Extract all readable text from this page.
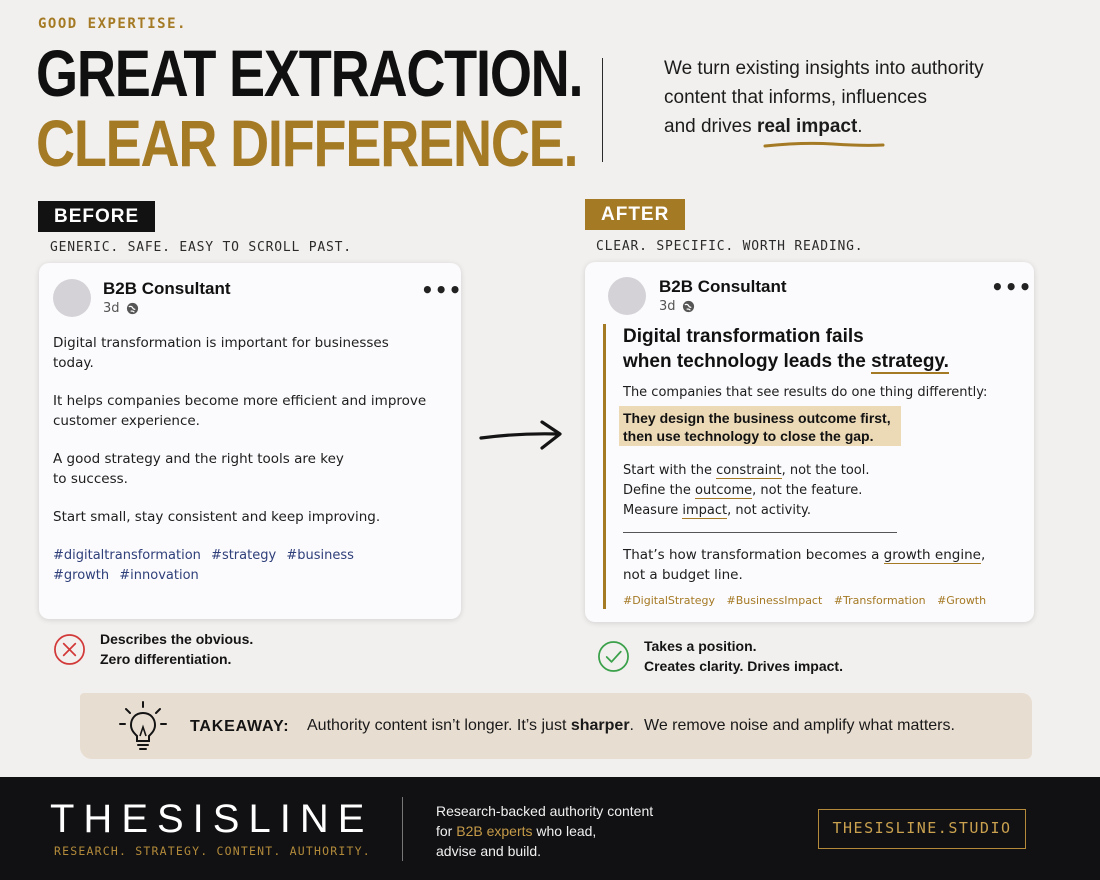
GOOD EXPERTISE.
GREAT EXTRACTION.
CLEAR DIFFERENCE.
We turn existing insights into authority
content that informs, influences
and drives real impact.
BEFORE
GENERIC. SAFE. EASY TO SCROLL PAST.
B2B Consultant
3d
•••

Digital transformation is important for businesses today.

It helps companies become more efficient and improve customer experience.

A good strategy and the right tools are key to success.

Start small, stay consistent and keep improving.

#digitaltransformation #strategy #business
#growth #innovation
Describes the obvious.
Zero differentiation.
AFTER
CLEAR. SPECIFIC. WORTH READING.
B2B Consultant
3d
•••
Digital transformation fails
when technology leads the strategy.
The companies that see results do one thing differently:
They design the business outcome first,
then use technology to close the gap.
Start with the constraint, not the tool.
Define the outcome, not the feature.
Measure impact, not activity.
That’s how transformation becomes a growth engine,
not a budget line.
#DigitalStrategy #BusinessImpact #Transformation #Growth
Takes a position.
Creates clarity. Drives impact.
TAKEAWAY: Authority content isn’t longer. It’s just sharper. We remove noise and amplify what matters.
THESISLINE
RESEARCH. STRATEGY. CONTENT. AUTHORITY.
Research-backed authority content
for B2B experts who lead,
advise and build.
THESISLINE.STUDIO
